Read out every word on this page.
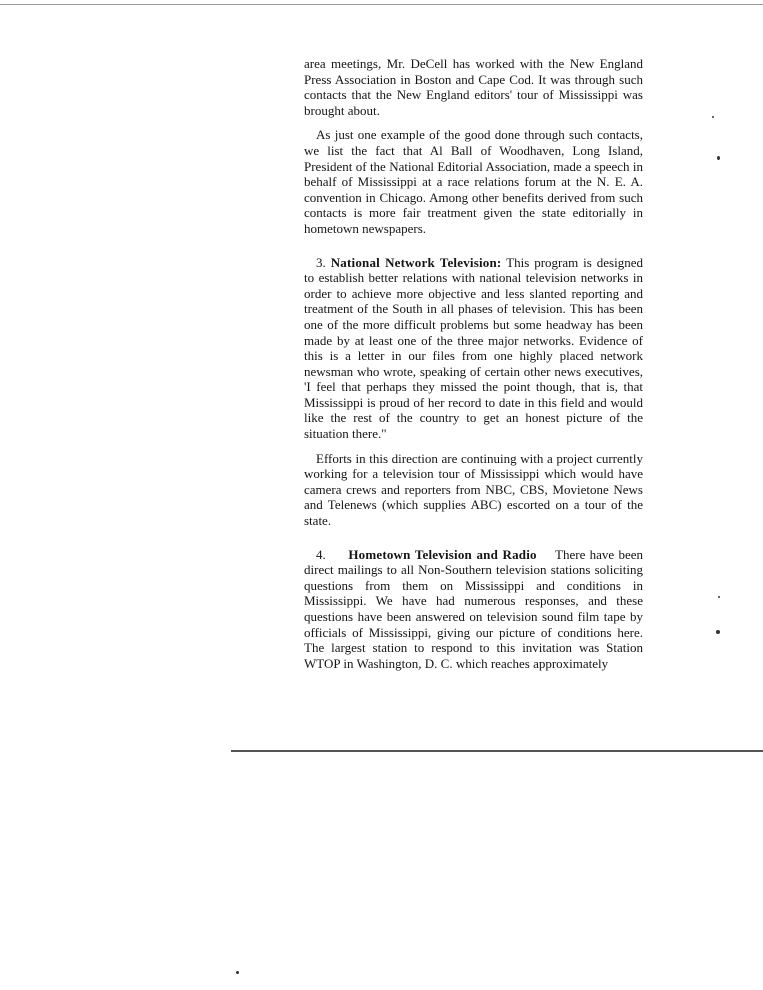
area meetings, Mr. DeCell has worked with the New England Press Association in Boston and Cape Cod. It was through such contacts that the New England editors' tour of Mississippi was brought about.

As just one example of the good done through such contacts, we list the fact that Al Ball of Woodhaven, Long Island, President of the National Editorial Association, made a speech in behalf of Mississippi at a race relations forum at the N. E. A. convention in Chicago. Among other benefits derived from such contacts is more fair treatment given the state editorially in hometown newspapers.

3. National Network Television: This program is designed to establish better relations with national television networks in order to achieve more objective and less slanted reporting and treatment of the South in all phases of television. This has been one of the more difficult problems but some headway has been made by at least one of the three major networks. Evidence of this is a letter in our files from one highly placed network newsman who wrote, speaking of certain other news executives, 'I feel that perhaps they missed the point though, that is, that Mississippi is proud of her record to date in this field and would like the rest of the country to get an honest picture of the situation there."

Efforts in this direction are continuing with a project currently working for a television tour of Mississippi which would have camera crews and reporters from NBC, CBS, Movietone News and Telenews (which supplies ABC) escorted on a tour of the state.

4. Hometown Television and Radio There have been direct mailings to all Non-Southern television stations soliciting questions from them on Mississippi and conditions in Mississippi. We have had numerous responses, and these questions have been answered on television sound film tape by officials of Mississippi, giving our picture of conditions here. The largest station to respond to this invitation was Station WTOP in Washington, D. C. which reaches approximately
